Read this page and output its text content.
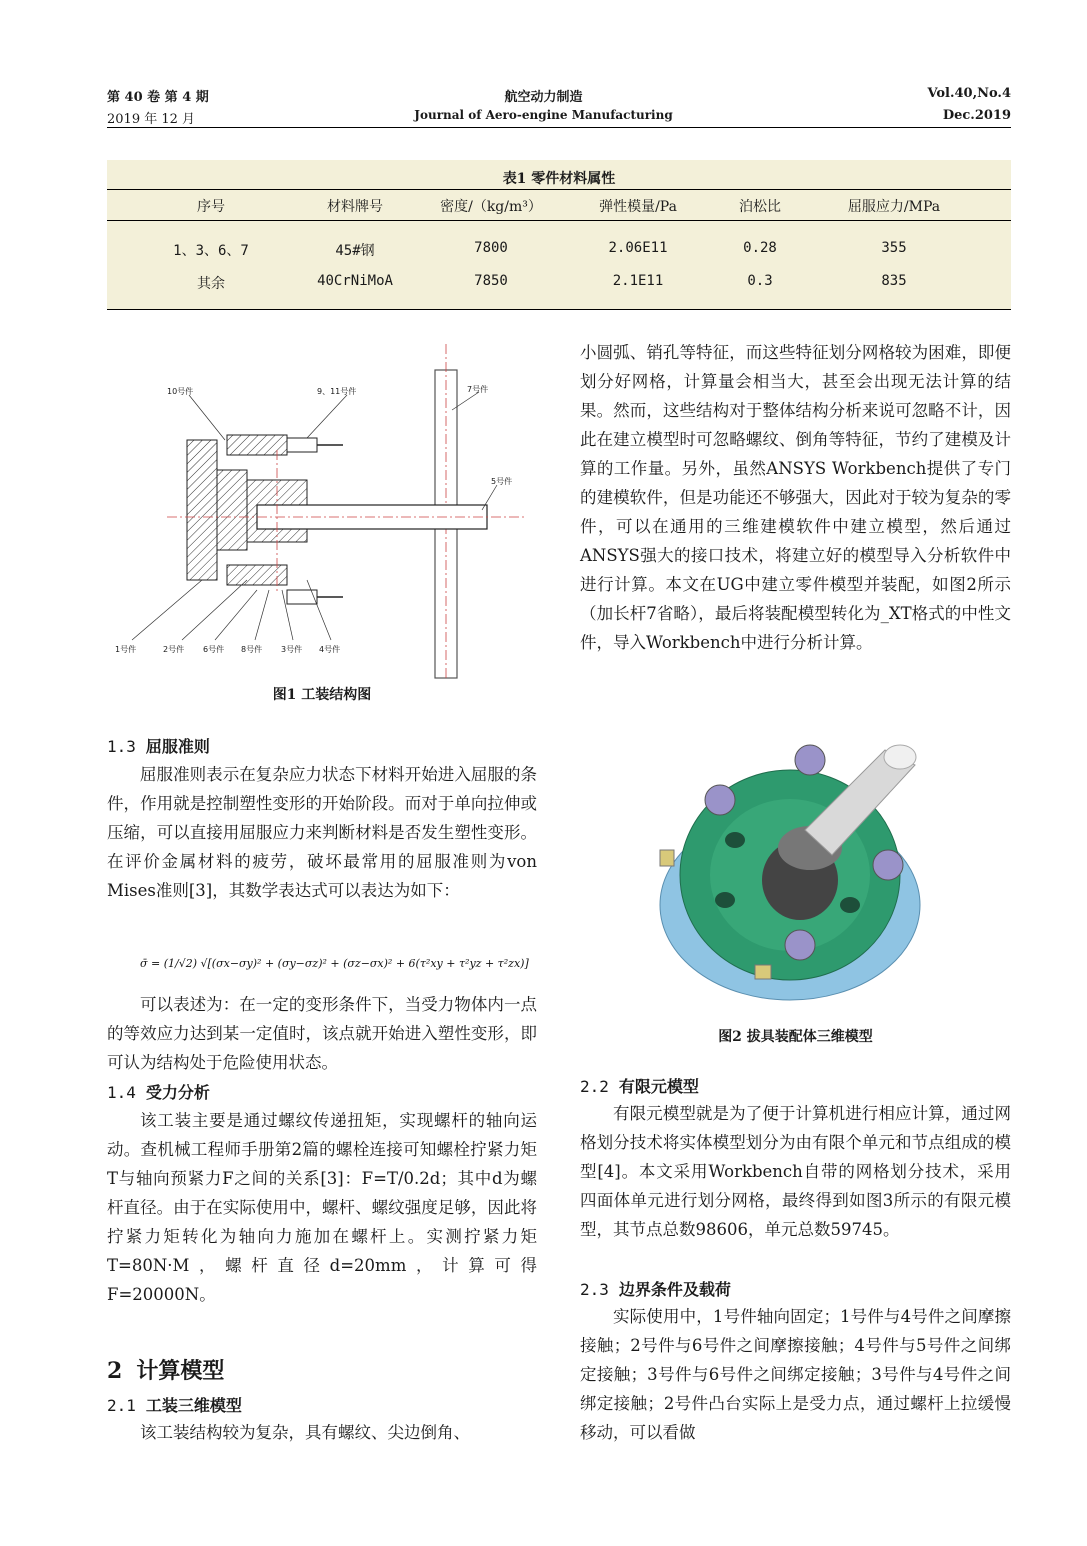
第 40 卷 第 4 期
2019 年 12 月
航空动力制造
Journal of Aero-engine Manufacturing
Vol.40,No.4
Dec.2019
表1 零件材料属性
序号	材料牌号	密度/（kg/m³）	弹性模量/Pa	泊松比	屈服应力/MPa
1、3、6、7	45#钢	7800	2.06E11	0.28	355
其余	40CrNiMoA	7850	2.1E11	0.3	835
10号件	9、11号件	7号件
5号件
1号件	2号件 6号件 8号件 3号件 4号件
图1 工装结构图
1.3 屈服准则
屈服准则表示在复杂应力状态下材料开始进入屈服的条件，作用就是控制塑性变形的开始阶段。而对于单向拉伸或压缩，可以直接用屈服应力来判断材料是否发生塑性变形。在评价金属材料的疲劳，破坏最常用的屈服准则为von Mises准则[3]，其数学表达式可以表达为如下：
σ̄ = (1/√2) √[(σx−σy)² + (σy−σz)² + (σz−σx)² + 6(τ²xy + τ²yz + τ²zx)]
可以表述为：在一定的变形条件下，当受力物体内一点的等效应力达到某一定值时，该点就开始进入塑性变形，即可认为结构处于危险使用状态。
1.4 受力分析
该工装主要是通过螺纹传递扭矩，实现螺杆的轴向运动。查机械工程师手册第2篇的螺栓连接可知螺栓拧紧力矩T与轴向预紧力F之间的关系[3]：F=T/0.2d；其中d为螺杆直径。由于在实际使用中，螺杆、螺纹强度足够，因此将拧紧力矩转化为轴向力施加在螺杆上。实测拧紧力矩T=80N·M，螺杆直径d=20mm，计算可得F=20000N。
2 计算模型
2.1 工装三维模型
该工装结构较为复杂，具有螺纹、尖边倒角、
小圆弧、销孔等特征，而这些特征划分网格较为困难，即便划分好网格，计算量会相当大，甚至会出现无法计算的结果。然而，这些结构对于整体结构分析来说可忽略不计，因此在建立模型时可忽略螺纹、倒角等特征，节约了建模及计算的工作量。另外，虽然ANSYS Workbench提供了专门的建模软件，但是功能还不够强大，因此对于较为复杂的零件，可以在通用的三维建模软件中建立模型，然后通过ANSYS强大的接口技术，将建立好的模型导入分析软件中进行计算。本文在UG中建立零件模型并装配，如图2所示（加长杆7省略），最后将装配模型转化为_XT格式的中性文件，导入Workbench中进行分析计算。
图2 拔具装配体三维模型
2.2 有限元模型
有限元模型就是为了便于计算机进行相应计算，通过网格划分技术将实体模型划分为由有限个单元和节点组成的模型[4]。本文采用Workbench自带的网格划分技术，采用四面体单元进行划分网格，最终得到如图3所示的有限元模型，其节点总数98606，单元总数59745。
2.3 边界条件及载荷
实际使用中，1号件轴向固定；1号件与4号件之间摩擦接触；2号件与6号件之间摩擦接触；4号件与5号件之间绑定接触；3号件与6号件之间绑定接触；3号件与4号件之间绑定接触；2号件凸台实际上是受力点，通过螺杆上拉缓慢移动，可以看做
